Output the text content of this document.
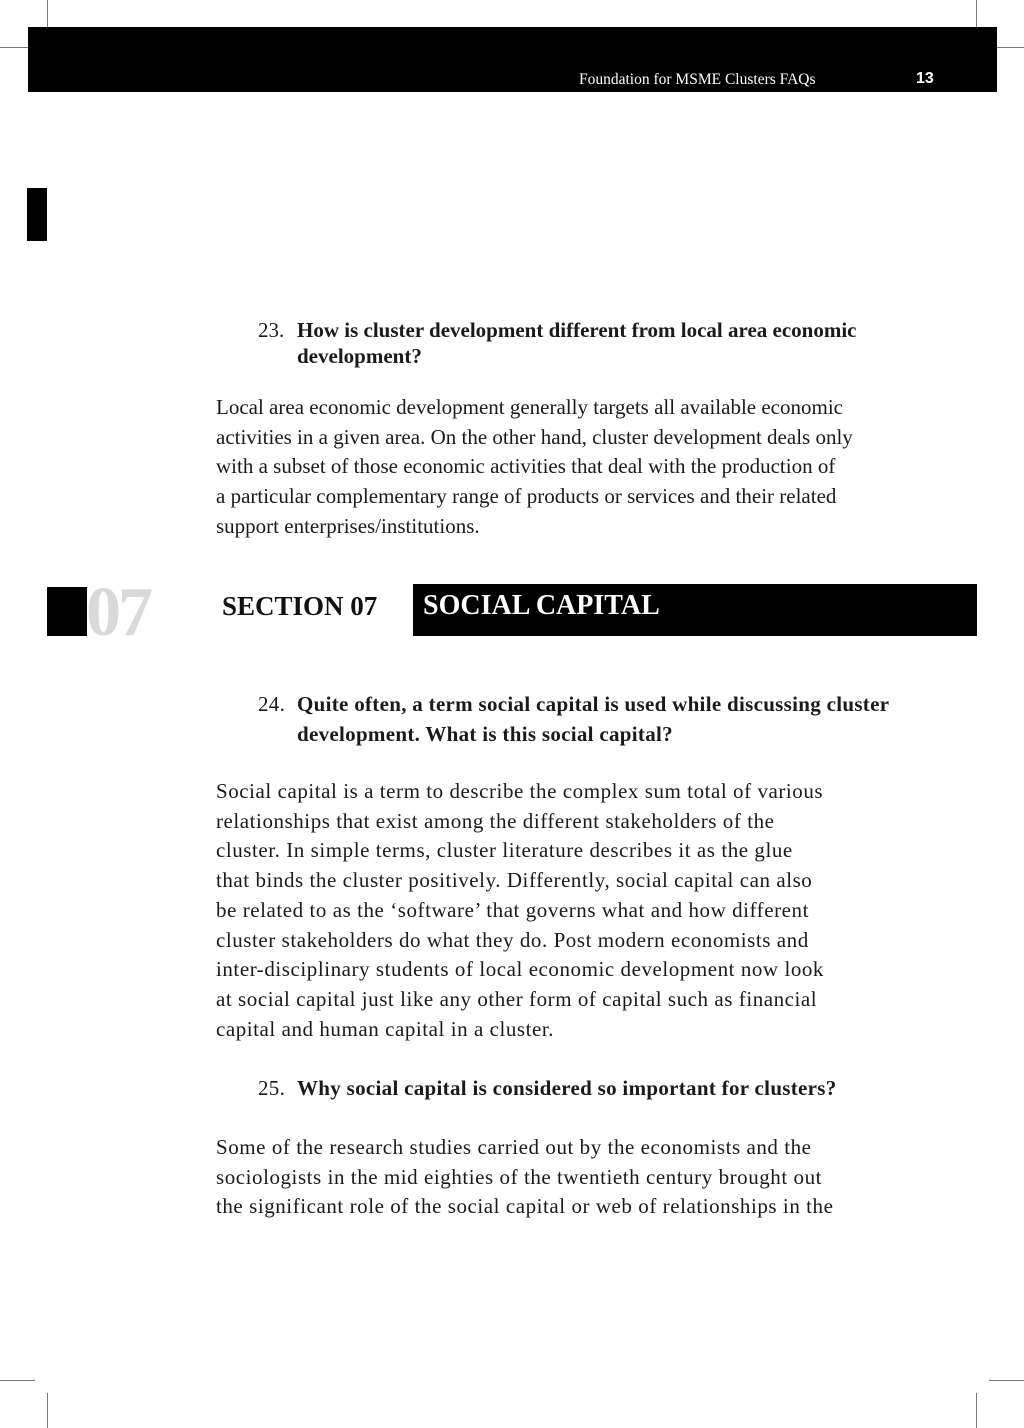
Foundation for MSME Clusters FAQs	13
23. How is cluster development different from local area economic development?
Local area economic development generally targets all available economic
activities in a given area. On the other hand, cluster development deals only
with a subset of those economic activities that deal with the production of
a particular complementary range of products or services and their related
support enterprises/institutions.
07	SECTION 07 SOCIAL CAPITAL
24. Quite often, a term social capital is used while discussing cluster development. What is this social capital?
Social capital is a term to describe the complex sum total of various
relationships that exist among the different stakeholders of the
cluster. In simple terms, cluster literature describes it as the glue
that binds the cluster positively. Differently, social capital can also
be related to as the ‘software’ that governs what and how different
cluster stakeholders do what they do. Post modern economists and
inter-disciplinary students of local economic development now look
at social capital just like any other form of capital such as financial
capital and human capital in a cluster.
25. Why social capital is considered so important for clusters?
Some of the research studies carried out by the economists and the
sociologists in the mid eighties of the twentieth century brought out
the significant role of the social capital or web of relationships in the
